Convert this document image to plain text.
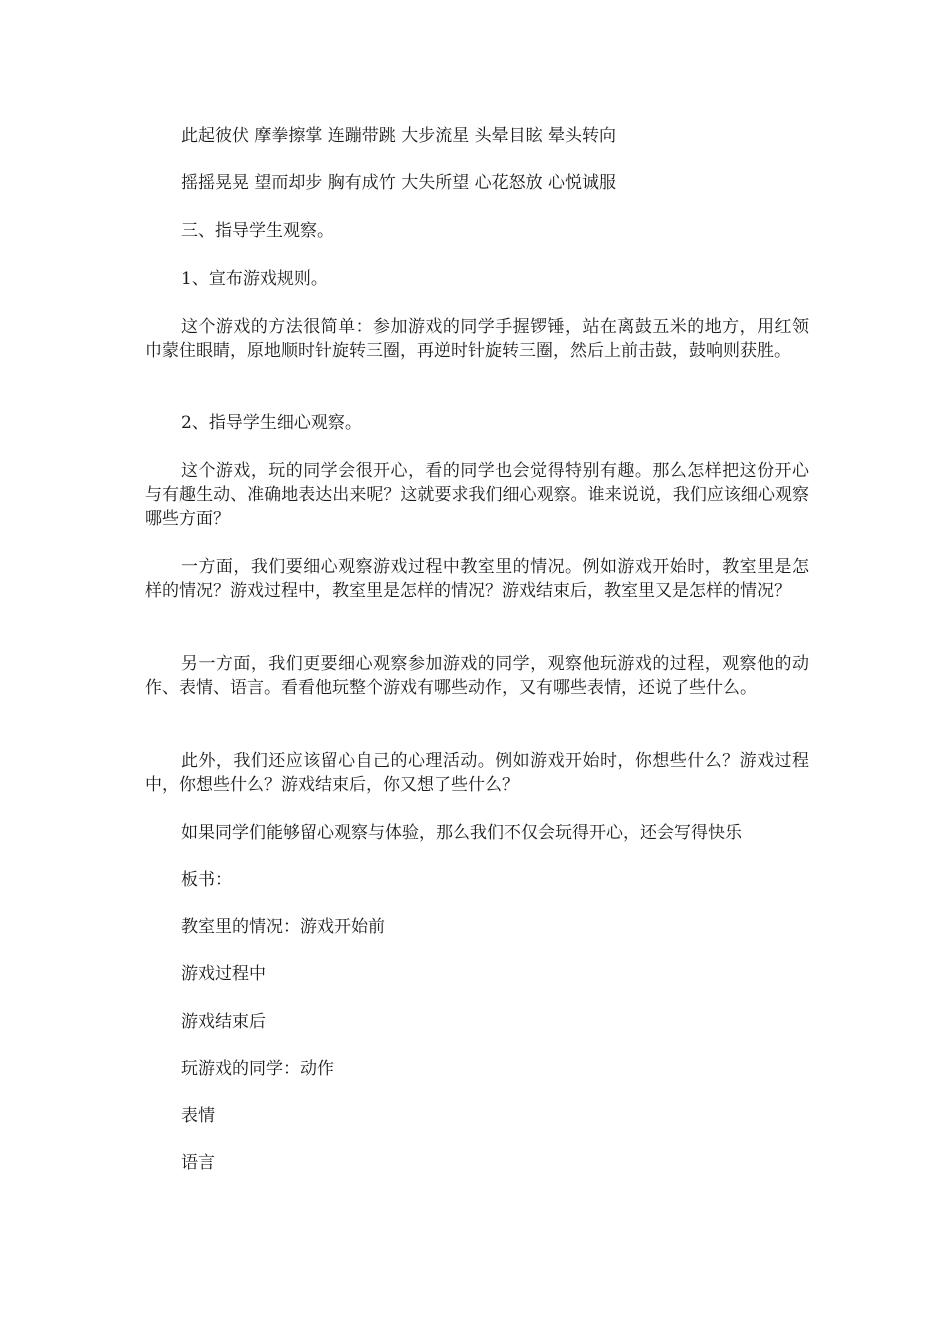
此起彼伏 摩拳擦掌 连蹦带跳 大步流星 头晕目眩 晕头转向
摇摇晃晃 望而却步 胸有成竹 大失所望 心花怒放 心悦诚服
三、指导学生观察。
1、宣布游戏规则。
这个游戏的方法很简单：参加游戏的同学手握锣锤，站在离鼓五米的地方，用红领巾蒙住眼睛，原地顺时针旋转三圈，再逆时针旋转三圈，然后上前击鼓，鼓响则获胜。
2、指导学生细心观察。
这个游戏，玩的同学会很开心，看的同学也会觉得特别有趣。那么怎样把这份开心与有趣生动、准确地表达出来呢？这就要求我们细心观察。谁来说说，我们应该细心观察哪些方面？
一方面，我们要细心观察游戏过程中教室里的情况。例如游戏开始时，教室里是怎样的情况？游戏过程中，教室里是怎样的情况？游戏结束后，教室里又是怎样的情况？
另一方面，我们更要细心观察参加游戏的同学，观察他玩游戏的过程，观察他的动作、表情、语言。看看他玩整个游戏有哪些动作，又有哪些表情，还说了些什么。
此外，我们还应该留心自己的心理活动。例如游戏开始时，你想些什么？游戏过程中，你想些什么？游戏结束后，你又想了些什么？
如果同学们能够留心观察与体验，那么我们不仅会玩得开心，还会写得快乐
板书：
教室里的情况：游戏开始前
游戏过程中
游戏结束后
玩游戏的同学：动作
表情
语言
